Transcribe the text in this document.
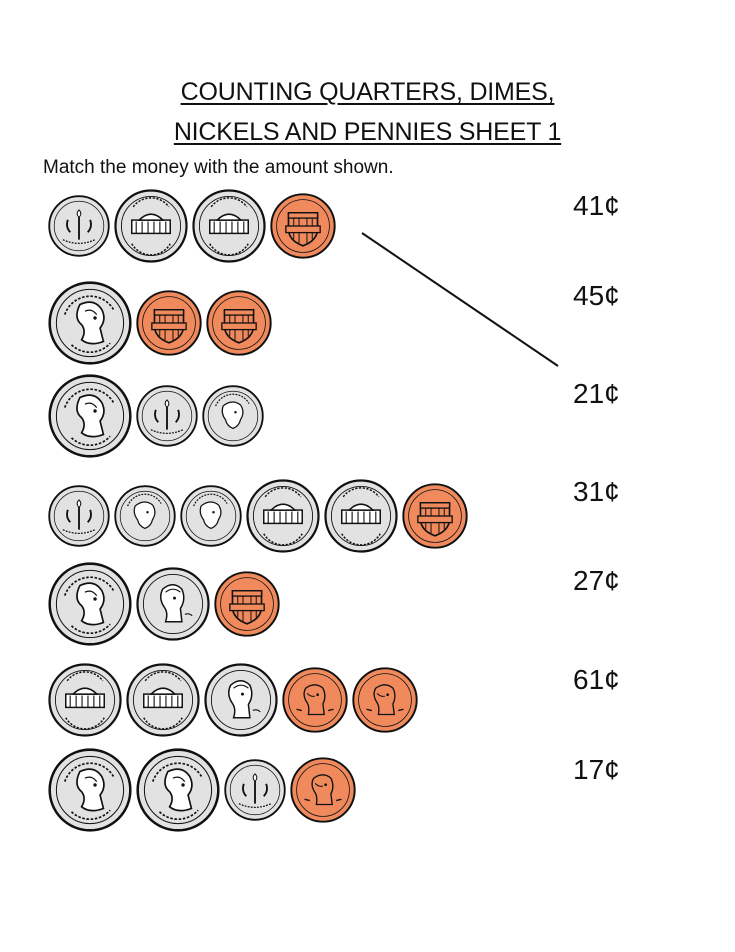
COUNTING QUARTERS, DIMES,
NICKELS AND PENNIES SHEET 1
Match the money with the amount shown.
41¢
45¢
21¢
31¢
27¢
61¢
17¢
